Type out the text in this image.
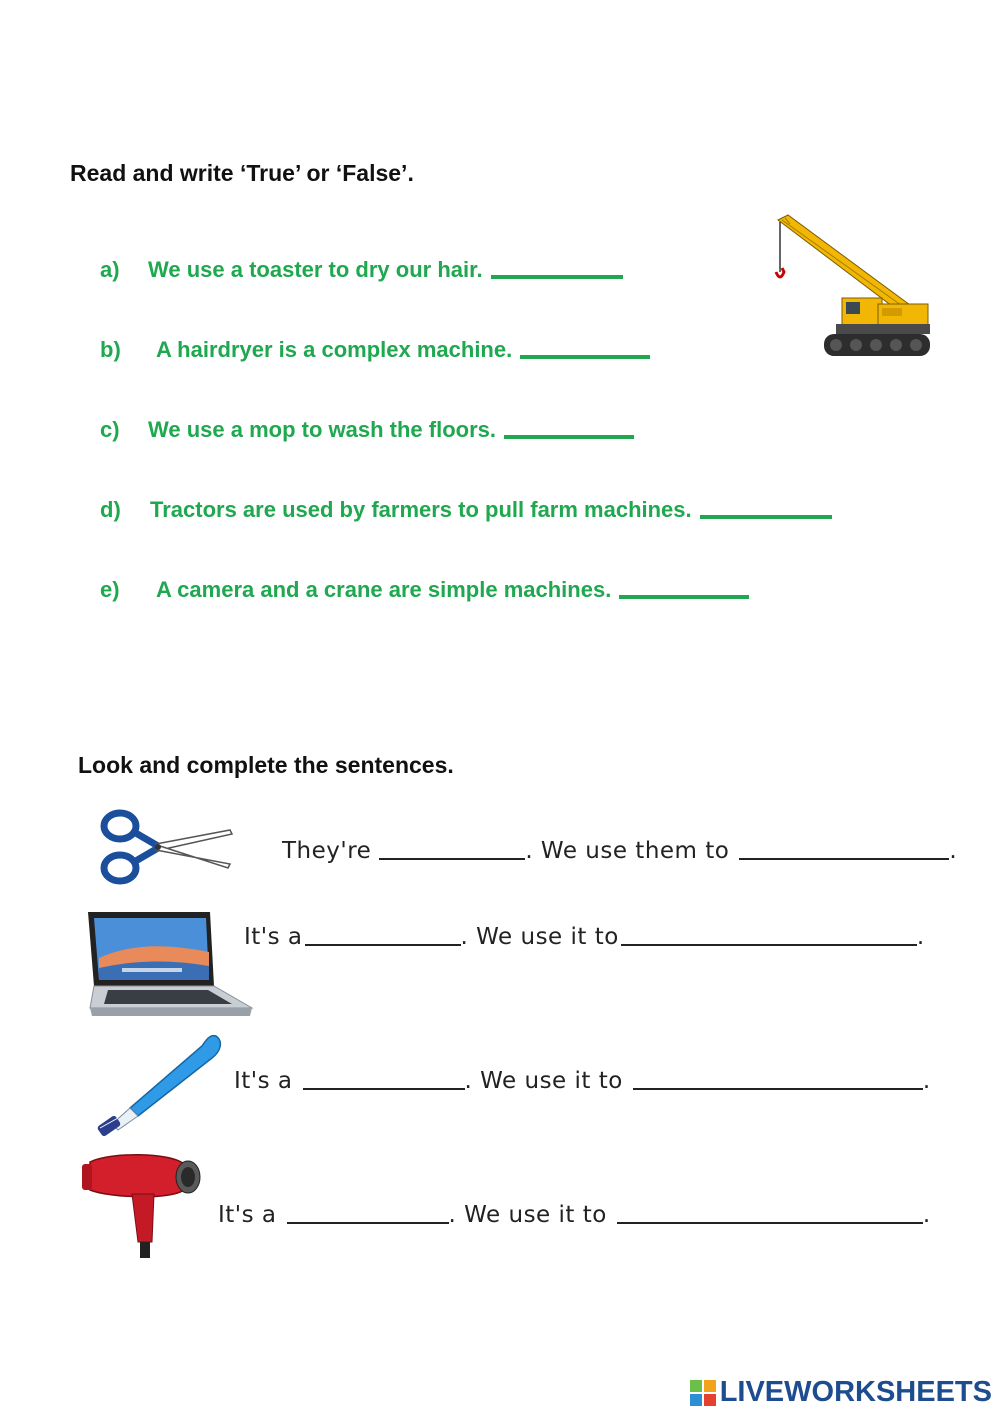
Read and write ‘True’ or ‘False’.
a)	We use a toaster to dry our hair.
b)	A hairdryer is a complex machine.
c)	We use a mop to wash the floors.
d)	Tractors are used by farmers to pull farm machines.
e)	A camera and a crane are simple machines.
Look and complete the sentences.
They're	. We use them to	.
It's a	. We use it to	.
It's a	. We use it to	.
It's a	. We use it to	.
LIVEWORKSHEETS
